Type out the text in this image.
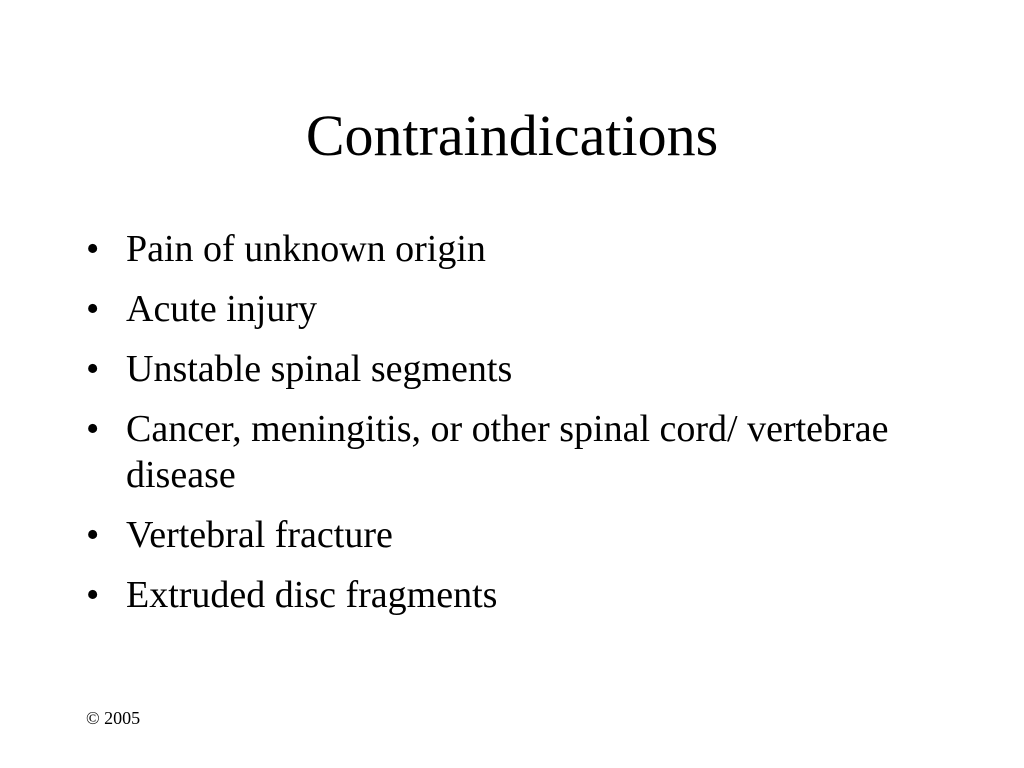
Contraindications
• Pain of unknown origin
• Acute injury
• Unstable spinal segments
• Cancer, meningitis, or other spinal cord/ vertebrae disease
• Vertebral fracture
• Extruded disc fragments
© 2005
